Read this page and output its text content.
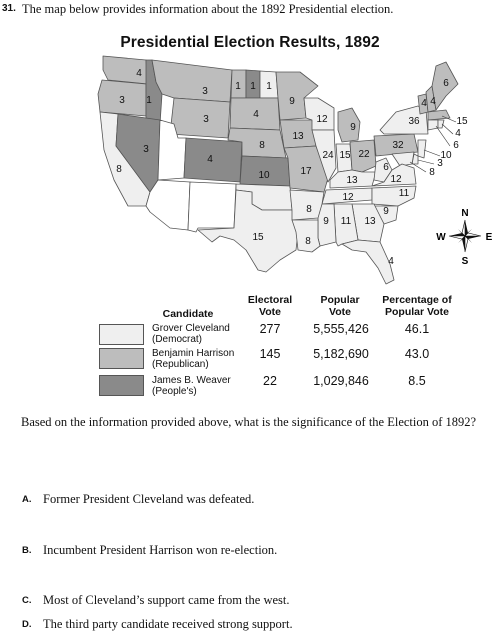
31. The map below provides information about the 1892 Presidential election.
Presidential Election Results, 1892
4
3 1
3
3
8
3
1 1 1
4
4
8
10
9
13
17
12
9
24 15 22
32
36
6
4 4
15
4
6
10
3
8
6
12
13
12	11
9
13
11
9
8
8
15
4
N
S
E
W
Candidate
Electoral
Vote
Popular
Vote
Percentage of
Popular Vote
Grover Cleveland
(Democrat)
277	5,555,426	46.1
Benjamin Harrison
(Republican)
145	5,182,690	43.0
James B. Weaver
(People's)
22	1,029,846	8.5
Based on the information provided above, what is the significance of the Election of 1892?
A. Former President Cleveland was defeated.
B. Incumbent President Harrison won re-election.
C. Most of Cleveland’s support came from the west.
D. The third party candidate received strong support.
